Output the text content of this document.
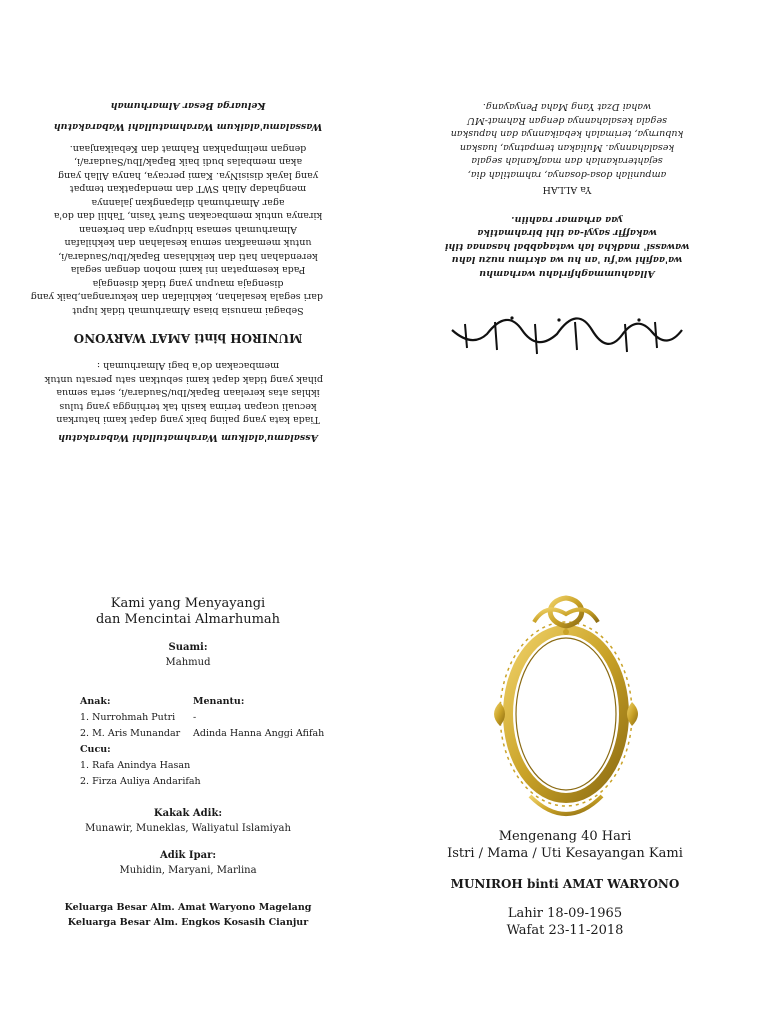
Allaahummaghfirlahu warhamhu
wa'aafihi wa'fu 'an hu wa akrimu nuzu lahu
wawassi' madkha lah wataqabbal hasanaa tihi
wakaffir sayyi-aa tihi birahmatika
yaa arhamar raahiin.
Ya ALLAH
ampunilah dosa-dosanya, rahmatilah dia,
sejahterakanlah dan maafkanlah segala
kesalahannya. Muliakan tempatnya, luaskan
kuburnya, terimalah kebaikannya dan hapuskan
segala kesalahannya dengan Rahmat-MU
wahai Dzat Yang Maha Penyayang.
Assalamu'alaikum Warahmatullahi Wabarakatuh
Tiada kata yang paling baik yang dapat kami haturkan
kecuali ucapan terima kasih tak terhingga yang tulus
ikhlas atas kerelaan Bapak/Ibu/Saudara/i, serta semua
pihak yang tidak dapat kami sebutkan satu persatu untuk
membacakan do'a bagi Almarhumah :
MUNIROH binti AMAT WARYONO
Sebagai manusia biasa Almarhumah tidak luput
dari segala kesalahan, kekhilafan dan kekurangan,baik yang
disengaja maupun yang tidak disengaja
Pada kesempatan ini kami mohon dengan segala
kerendahan hati dan keikhlasan Bapak/Ibu/Saudara/i,
untuk memaafkan semua kesalahan dan kekhilafan
Almarhumah semasa hidupnya dan berkenan
kiranya untuk membacakan Surat Yasin, Tahlil dan do'a
agar Almarhumah dilapangkan jalannya
menghadap Allah SWT dan mendapatkan tempat
yang layak disisiNya. Kami percaya, hanya Allah yang
akan membalas budi baik Bapak/Ibu/Saudara/i,
dengan melimpahkan Rahmat dan Kebaikanjaan.
Wassalamu'alaikum Warahmatullahi Wabarakatuh
Keluarga Besar Almarhumah
Kami yang Menyayangi
dan Mencintai Almarhumah
Suami:
Mahmud
Anak:	Menantu:
1. Nurrohmah Putri	-
2. M. Aris Munandar	Adinda Hanna Anggi Afifah
Cucu:
1. Rafa Anindya Hasan
2. Firza Auliya Andarifah
Kakak Adik:
Munawir, Muneklas, Waliyatul Islamiyah
Adik Ipar:
Muhidin, Maryani, Marlina
Keluarga Besar Alm. Amat Waryono Magelang
Keluarga Besar Alm. Engkos Kosasih Cianjur
Mengenang 40 Hari
Istri / Mama / Uti Kesayangan Kami
MUNIROH binti AMAT WARYONO
Lahir 18-09-1965
Wafat 23-11-2018
